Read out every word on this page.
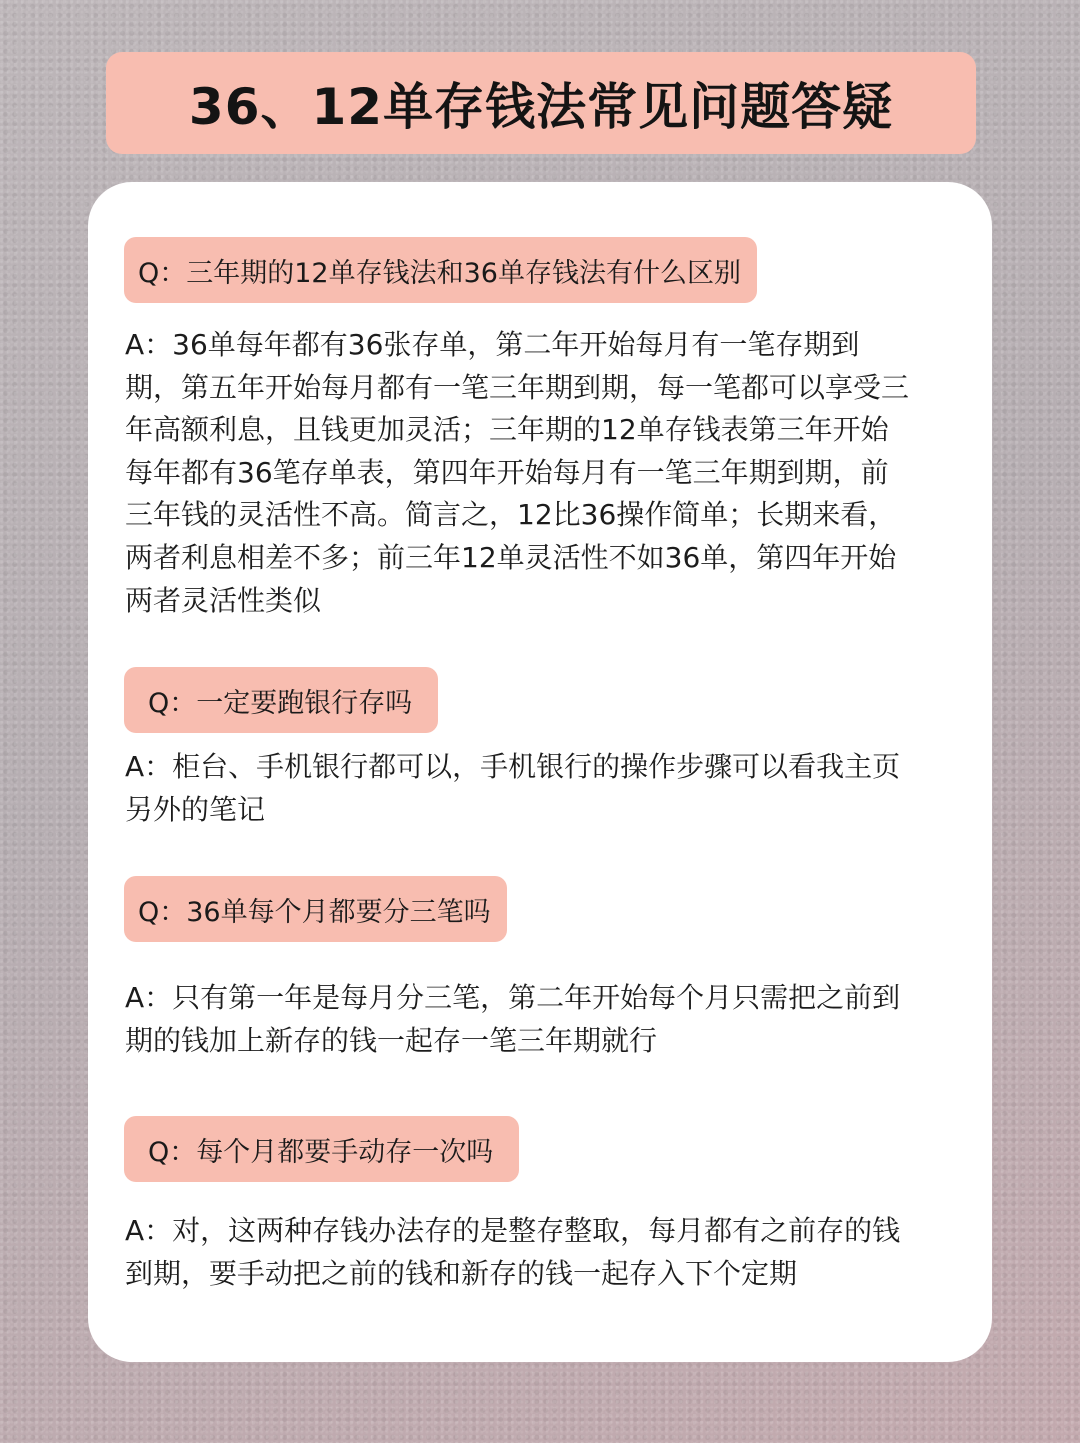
36、12单存钱法常见问题答疑
Q：三年期的12单存钱法和36单存钱法有什么区别
A：36单每年都有36张存单，第二年开始每月有一笔存期到期，第五年开始每月都有一笔三年期到期，每一笔都可以享受三年高额利息，且钱更加灵活；三年期的12单存钱表第三年开始每年都有36笔存单表，第四年开始每月有一笔三年期到期，前三年钱的灵活性不高。简言之，12比36操作简单；长期来看，两者利息相差不多；前三年12单灵活性不如36单，第四年开始两者灵活性类似
Q：一定要跑银行存吗
A：柜台、手机银行都可以，手机银行的操作步骤可以看我主页另外的笔记
Q：36单每个月都要分三笔吗
A：只有第一年是每月分三笔，第二年开始每个月只需把之前到期的钱加上新存的钱一起存一笔三年期就行
Q：每个月都要手动存一次吗
A：对，这两种存钱办法存的是整存整取，每月都有之前存的钱到期，要手动把之前的钱和新存的钱一起存入下个定期
